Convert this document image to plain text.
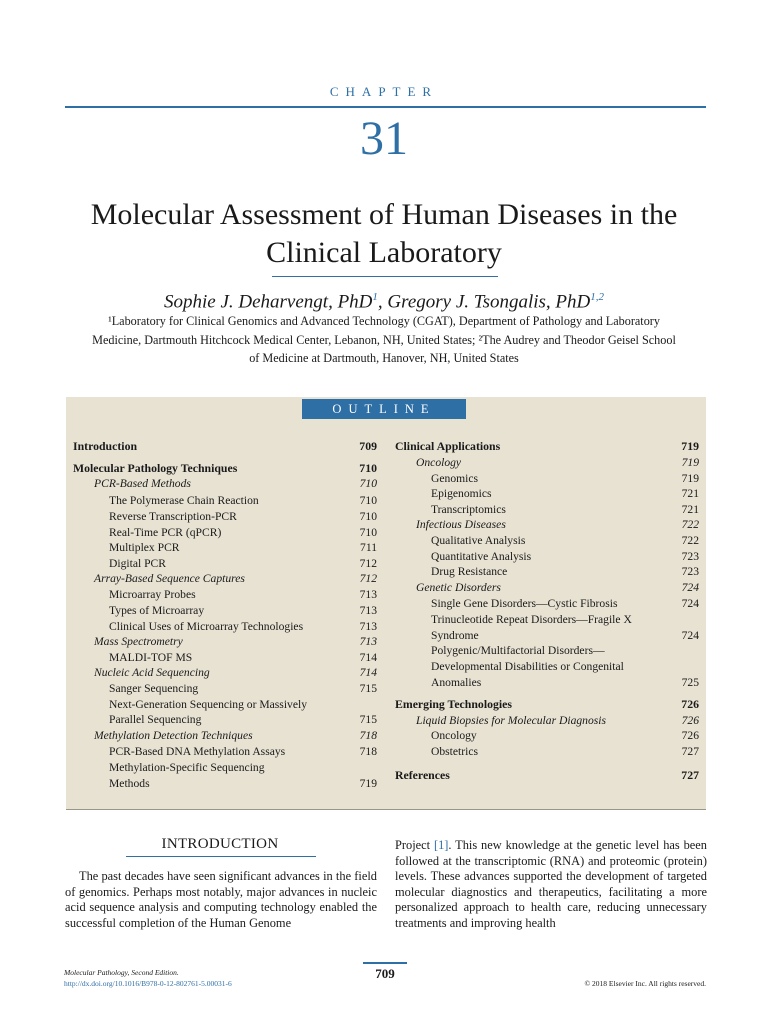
CHAPTER
31
Molecular Assessment of Human Diseases in the
Clinical Laboratory
Sophie J. Deharvengt, PhD$^1$, Gregory J. Tsongalis, PhD$^{1,2}$
¹Laboratory for Clinical Genomics and Advanced Technology (CGAT), Department of Pathology and Laboratory
Medicine, Dartmouth Hitchcock Medical Center, Lebanon, NH, United States; ²The Audrey and Theodor Geisel School
of Medicine at Dartmouth, Hanover, NH, United States
OUTLINE
Introduction	709
Molecular Pathology Techniques	710
PCR-Based Methods	710
The Polymerase Chain Reaction	710
Reverse Transcription-PCR	710
Real-Time PCR (qPCR)	710
Multiplex PCR	711
Digital PCR	712
Array-Based Sequence Captures	712
Microarray Probes	713
Types of Microarray	713
Clinical Uses of Microarray Technologies	713
Mass Spectrometry	713
MALDI-TOF MS	714
Nucleic Acid Sequencing	714
Sanger Sequencing	715
Next-Generation Sequencing or Massively
Parallel Sequencing	715
Methylation Detection Techniques	718
PCR-Based DNA Methylation Assays	718
Methylation-Specific Sequencing
Methods	719
Clinical Applications	719
Oncology	719
Genomics	719
Epigenomics	721
Transcriptomics	721
Infectious Diseases	722
Qualitative Analysis	722
Quantitative Analysis	723
Drug Resistance	723
Genetic Disorders	724
Single Gene Disorders—Cystic Fibrosis	724
Trinucleotide Repeat Disorders—Fragile X
Syndrome	724
Polygenic/Multifactorial Disorders—
Developmental Disabilities or Congenital
Anomalies	725
Emerging Technologies	726
Liquid Biopsies for Molecular Diagnosis	726
Oncology	726
Obstetrics	727
References	727
INTRODUCTION
The past decades have seen significant advances in the field of genomics. Perhaps most notably, major advances in nucleic acid sequence analysis and computing technology enabled the successful completion of the Human Genome
Project [1]. This new knowledge at the genetic level has been followed at the transcriptomic (RNA) and proteomic (protein) levels. These advances supported the development of targeted molecular diagnostics and therapeutics, facilitating a more personalized approach to health care, reducing unnecessary treatments and improving health
709
Molecular Pathology, Second Edition.
http://dx.doi.org/10.1016/B978-0-12-802761-5.00031-6	© 2018 Elsevier Inc. All rights reserved.
